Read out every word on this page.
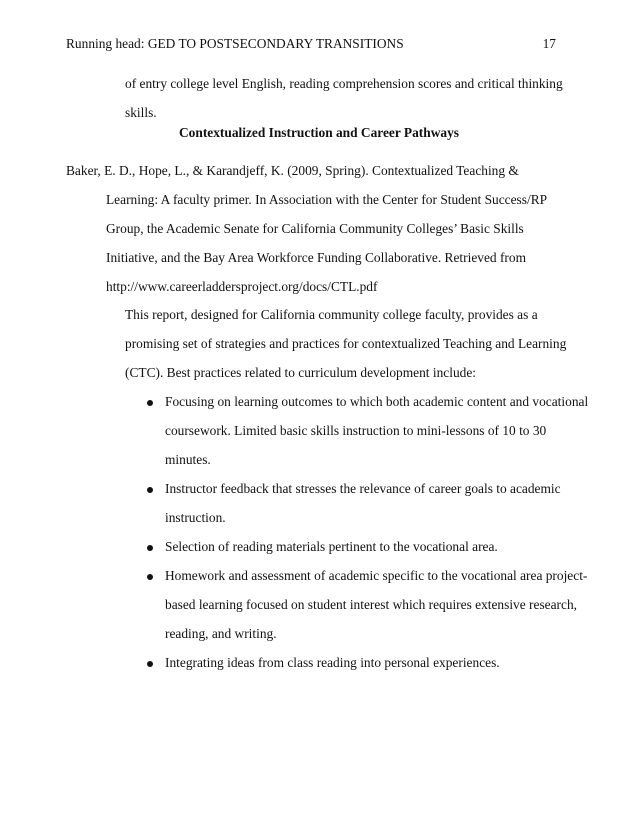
Running head: GED TO POSTSECONDARY TRANSITIONS	17
of entry college level English, reading comprehension scores and critical thinking
skills.
Contextualized Instruction and Career Pathways
Baker, E. D., Hope, L., & Karandjeff, K. (2009, Spring). Contextualized Teaching &
Learning: A faculty primer. In Association with the Center for Student Success/RP
Group, the Academic Senate for California Community Colleges’ Basic Skills
Initiative, and the Bay Area Workforce Funding Collaborative. Retrieved from
http://www.careerladdersproject.org/docs/CTL.pdf
This report, designed for California community college faculty, provides as a
promising set of strategies and practices for contextualized Teaching and Learning
(CTC). Best practices related to curriculum development include:
Focusing on learning outcomes to which both academic content and vocational
coursework. Limited basic skills instruction to mini-lessons of 10 to 30
minutes.
Instructor feedback that stresses the relevance of career goals to academic
instruction.
Selection of reading materials pertinent to the vocational area.
Homework and assessment of academic specific to the vocational area project-
based learning focused on student interest which requires extensive research,
reading, and writing.
Integrating ideas from class reading into personal experiences.
